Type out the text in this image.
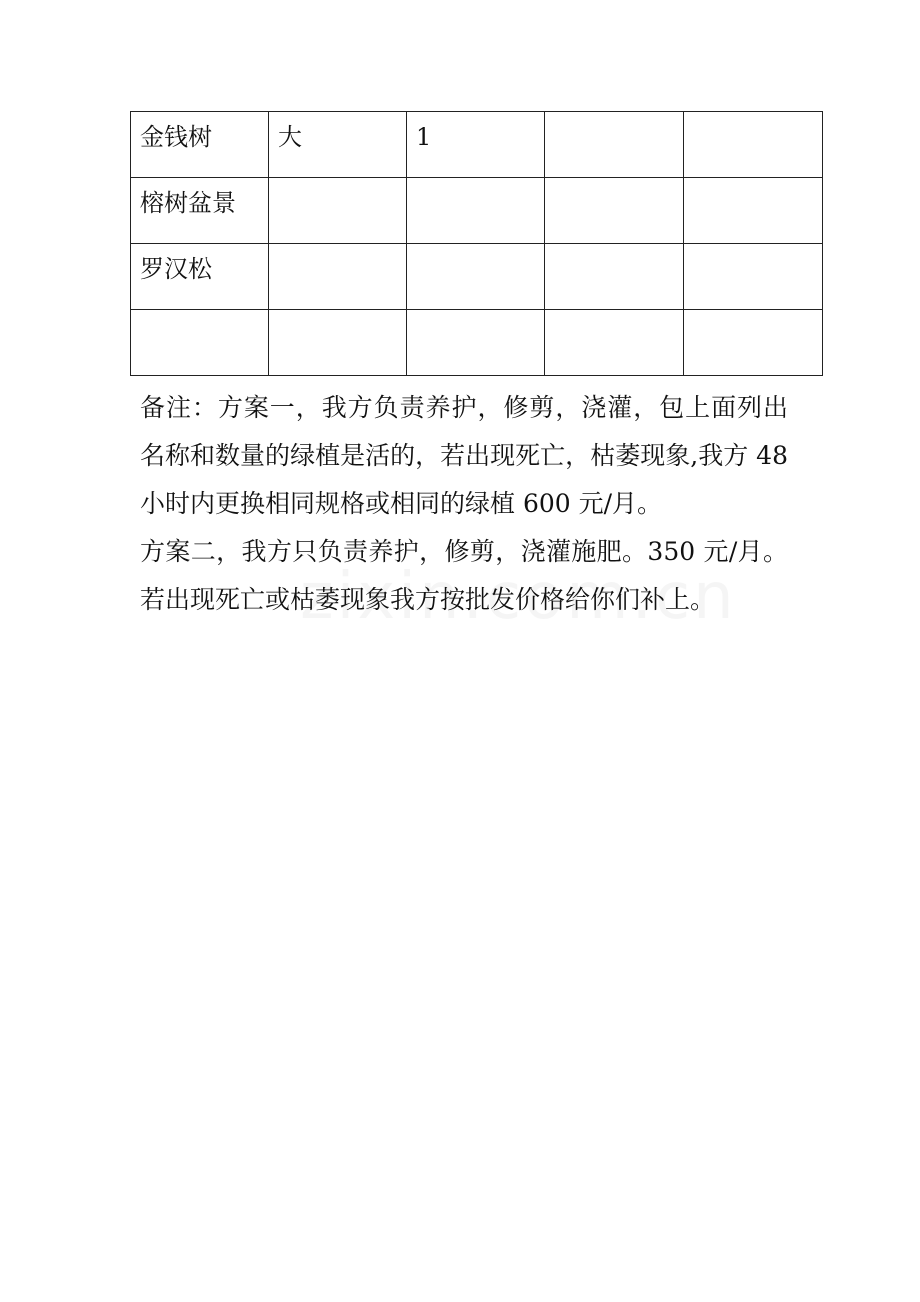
金钱树	大	1		
榕树盆景				
罗汉松				

备注：方案一，我方负责养护，修剪，浇灌，包上面列出名称和数量的绿植是活的，若出现死亡，枯萎现象,我方 48 小时内更换相同规格或相同的绿植 600 元/月。

方案二，我方只负责养护，修剪，浇灌施肥。350 元/月。若出现死亡或枯萎现象我方按批发价格给你们补上。
